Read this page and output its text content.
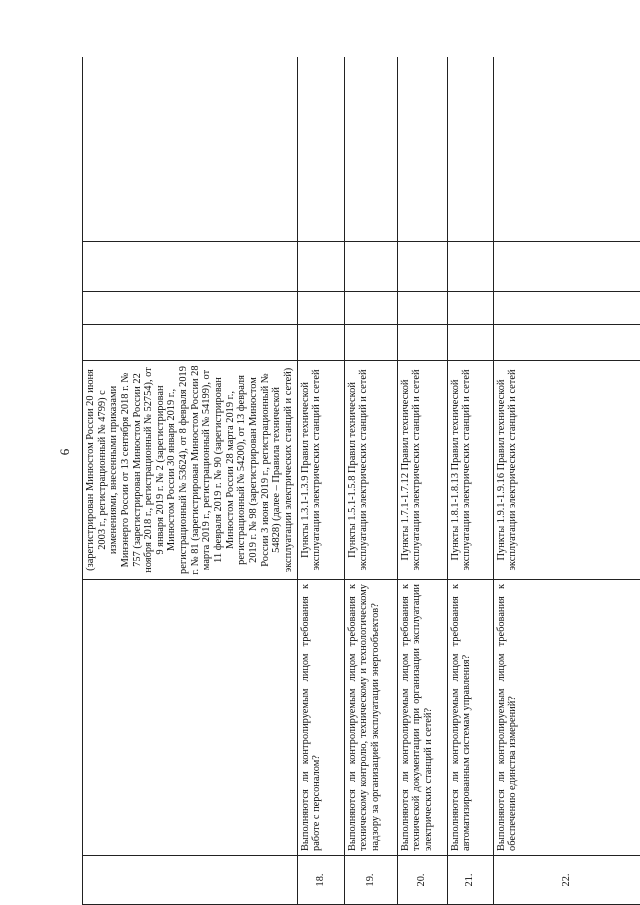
6
			(зарегистрирован Минюстом России 20 июня 2003 г., регистрационный № 4799) с изменениями, внесенными приказами Минэнерго России от 13 сентября 2018 г. № 757 (зарегистрирован Минюстом России 22 ноября 2018 г., регистрационный № 52754), от 9 января 2019 г. № 2 (зарегистрирован Минюстом России 30 января 2019 г., регистрационный № 53624), от 8 февраля 2019 г. № 81 (зарегистрирован Минюстом России 28 марта 2019 г., регистрационный № 54199), от 11 февраля 2019 г. № 90 (зарегистрирован Минюстом России 28 марта 2019 г., регистрационный № 54200), от 13 февраля 2019 г. № 98 (зарегистрирован Минюстом России 3 июня 2019 г., регистрационный № 54828) (далее – Правила технической эксплуатации электрических станций и сетей)				
18.	Выполняются ли контролируемым лицом требования к работе с персоналом?	Пункты 1.3.1-1.3.9 Правил технической эксплуатации электрических станций и сетей				
19.	Выполняются ли контролируемым лицом требования к техническому контролю, техническому и технологическому надзору за организацией эксплуатации энергообъектов?	Пункты 1.5.1-1.5.8 Правил технической эксплуатации электрических станций и сетей				
20.	Выполняются ли контролируемым лицом требования к технической документации при организации эксплуатации электрических станций и сетей?	Пункты 1.7.1-1.7.12 Правил технической эксплуатации электрических станций и сетей				
21.	Выполняются ли контролируемым лицом требования к автоматизированным системам управления?	Пункты 1.8.1-1.8.13 Правил технической эксплуатации электрических станций и сетей				
22.	Выполняются ли контролируемым лицом требования к обеспечению единства измерений?	Пункты 1.9.1-1.9.16 Правил технической эксплуатации электрических станций и сетей				
